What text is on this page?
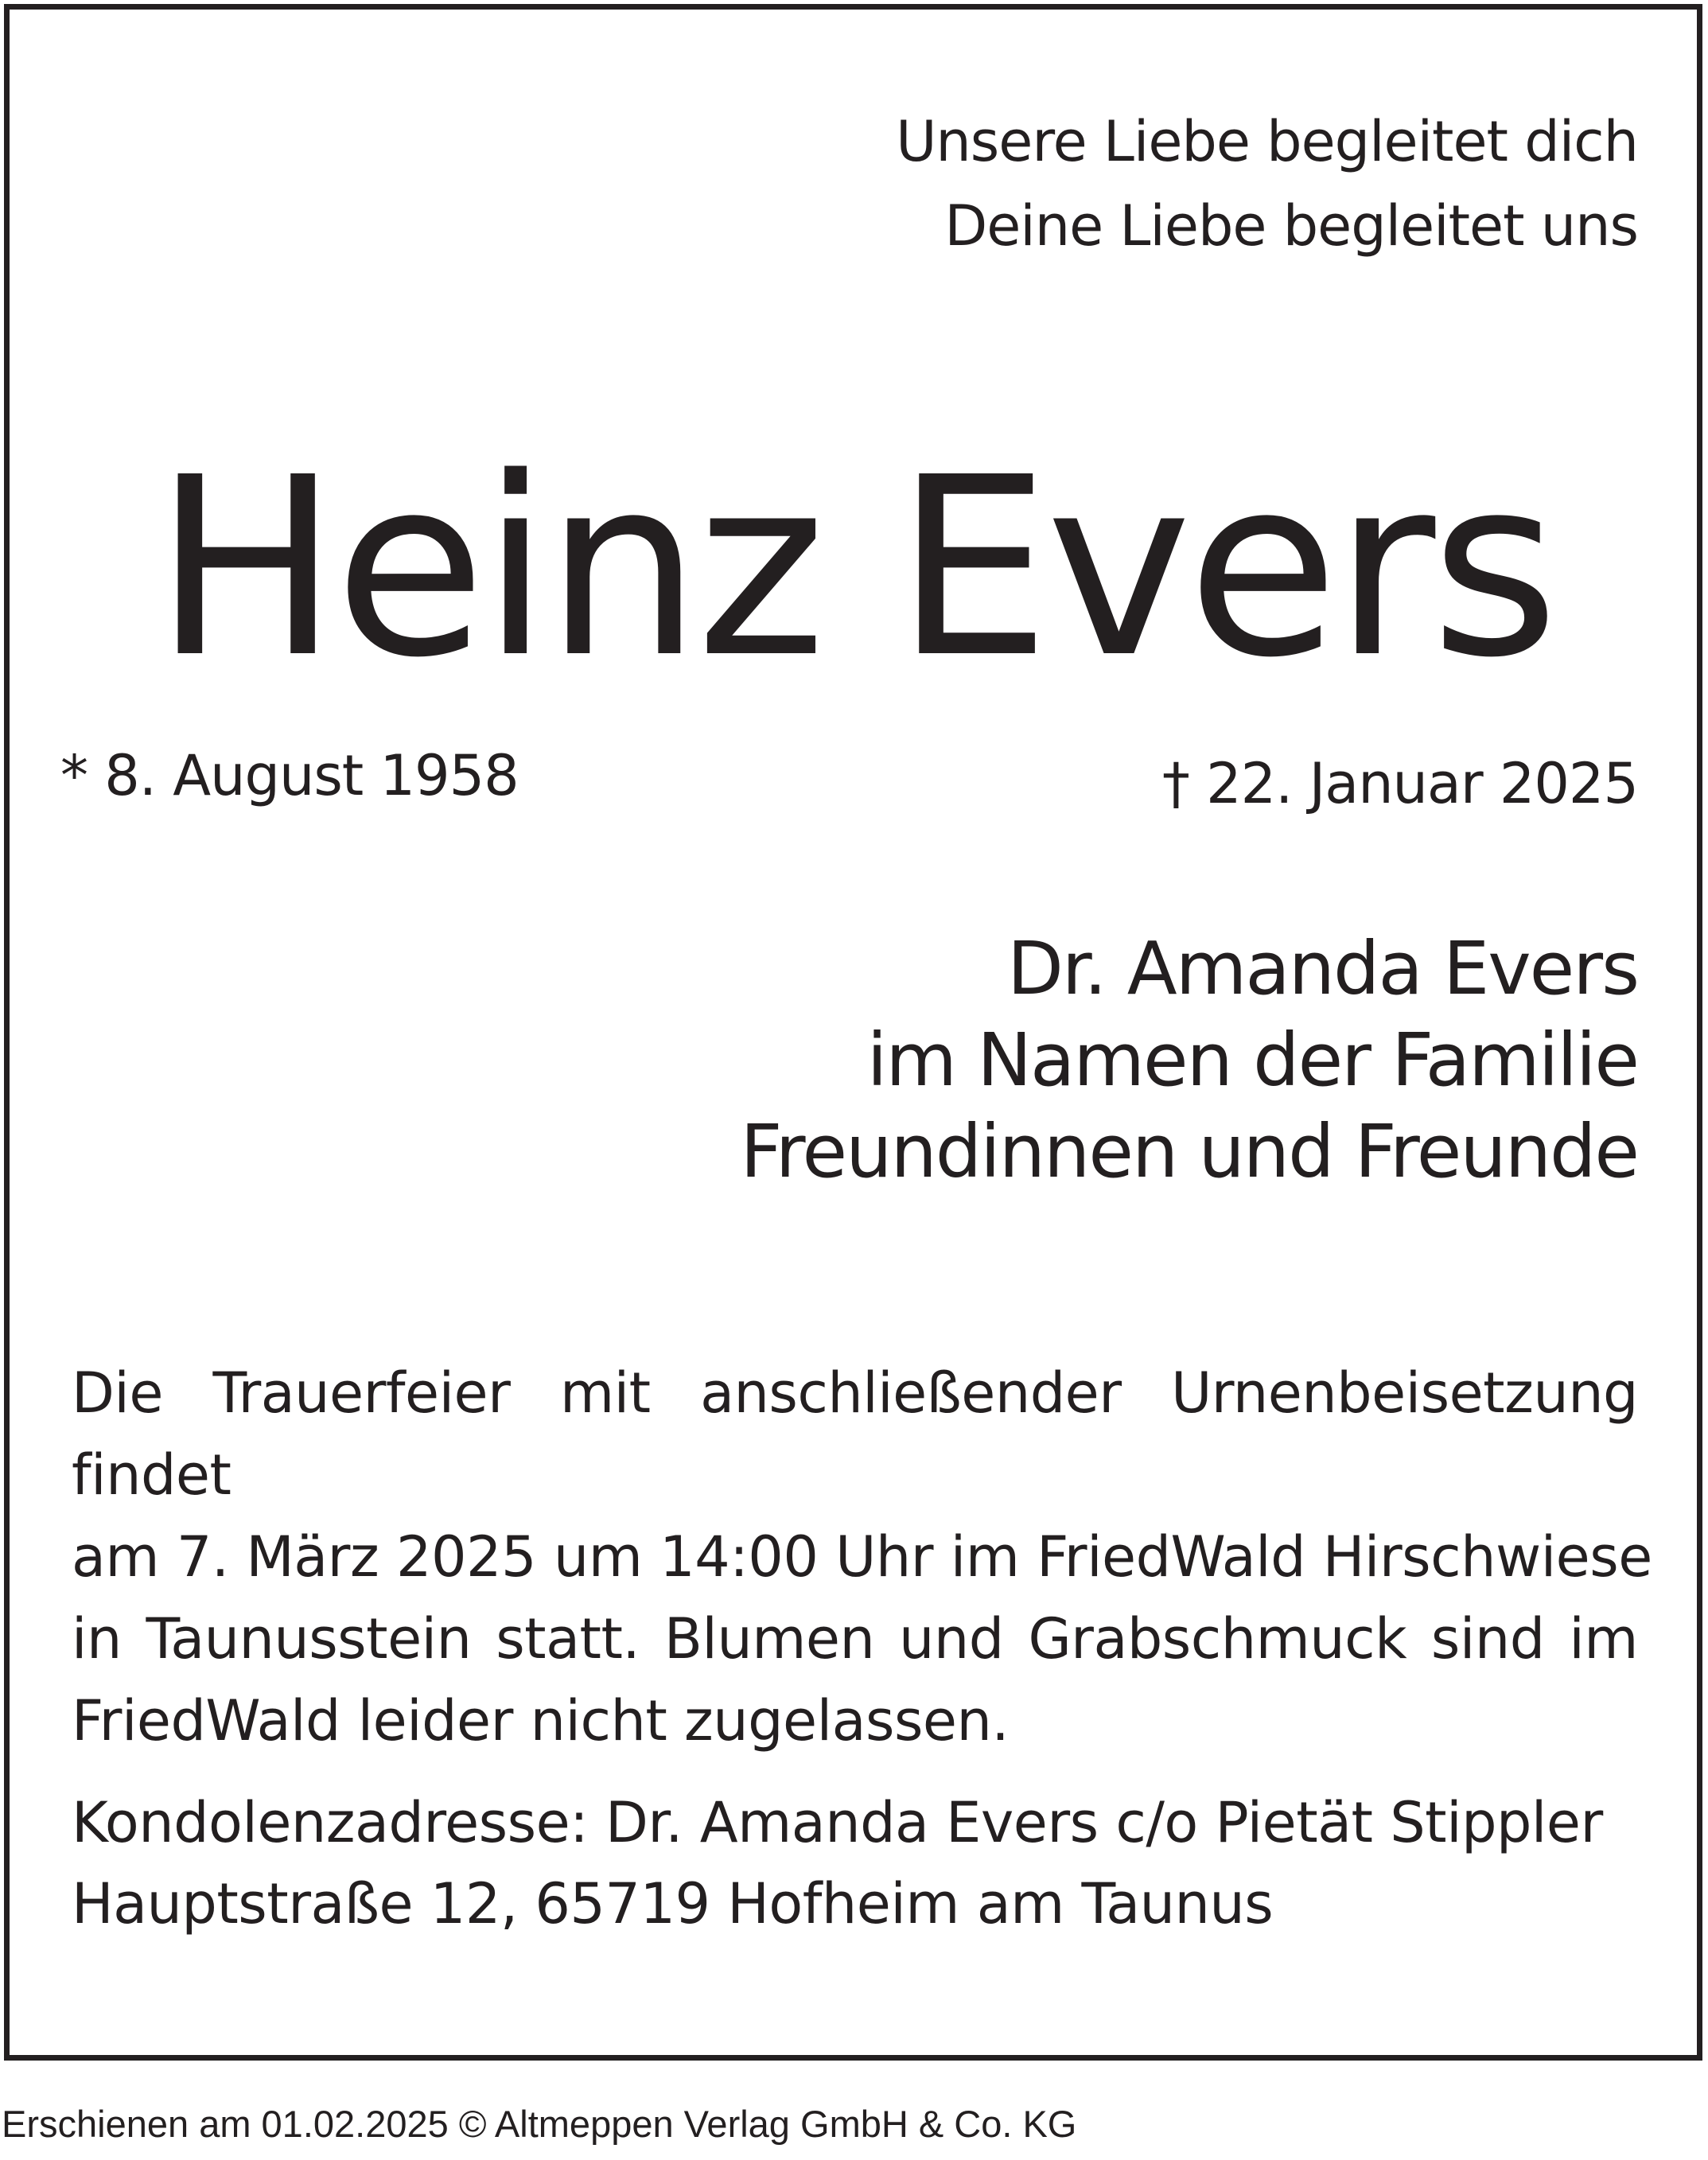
Unsere Liebe begleitet dich
Deine Liebe begleitet uns
Heinz Evers
* 8. August 1958	† 22. Januar 2025
Dr. Amanda Evers
im Namen der Familie
Freundinnen und Freunde
Die Trauerfeier mit anschließender Urnenbeisetzung findet
am 7. März 2025 um 14:00 Uhr im FriedWald Hirschwiese
in Taunusstein statt. Blumen und Grabschmuck sind im
FriedWald leider nicht zugelassen.
Kondolenzadresse: Dr. Amanda Evers c/o Pietät Stippler
Hauptstraße 12, 65719 Hofheim am Taunus
Erschienen am 01.02.2025 © Altmeppen Verlag GmbH & Co. KG
